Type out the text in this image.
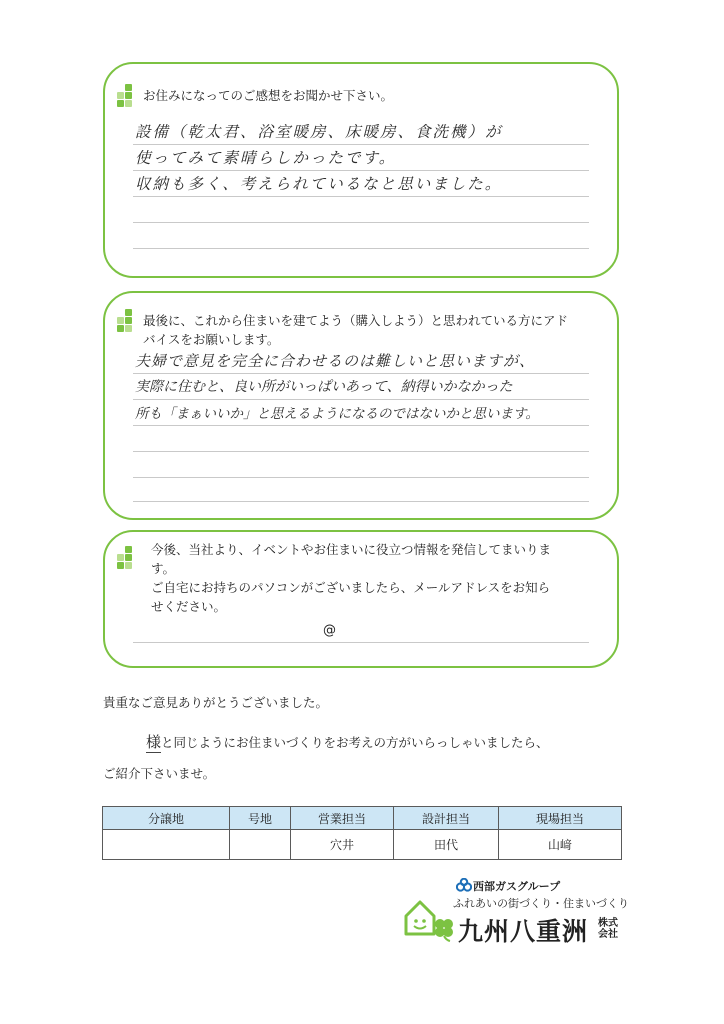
お住みになってのご感想をお聞かせ下さい。
設備（乾太君、浴室暖房、床暖房、食洗機）が
使ってみて素晴らしかったです。
収納も多く、考えられているなと思いました。
最後に、これから住まいを建てよう（購入しよう）と思われている方にアド
バイスをお願いします。
夫婦で意見を完全に合わせるのは難しいと思いますが、
実際に住むと、良い所がいっぱいあって、納得いかなかった
所も「まぁいいか」と思えるようになるのではないかと思います。
今後、当社より、イベントやお住まいに役立つ情報を発信してまいりま
す。
ご自宅にお持ちのパソコンがございましたら、メールアドレスをお知ら
せください。
@
貴重なご意見ありがとうございました。
様と同じようにお住まいづくりをお考えの方がいらっしゃいましたら、
ご紹介下さいませ。
分譲地	号地	営業担当	設計担当	現場担当
		穴井	田代	山﨑
西部ガスグループ
ふれあいの街づくり・住まいづくり
九州八重洲 株式会社
